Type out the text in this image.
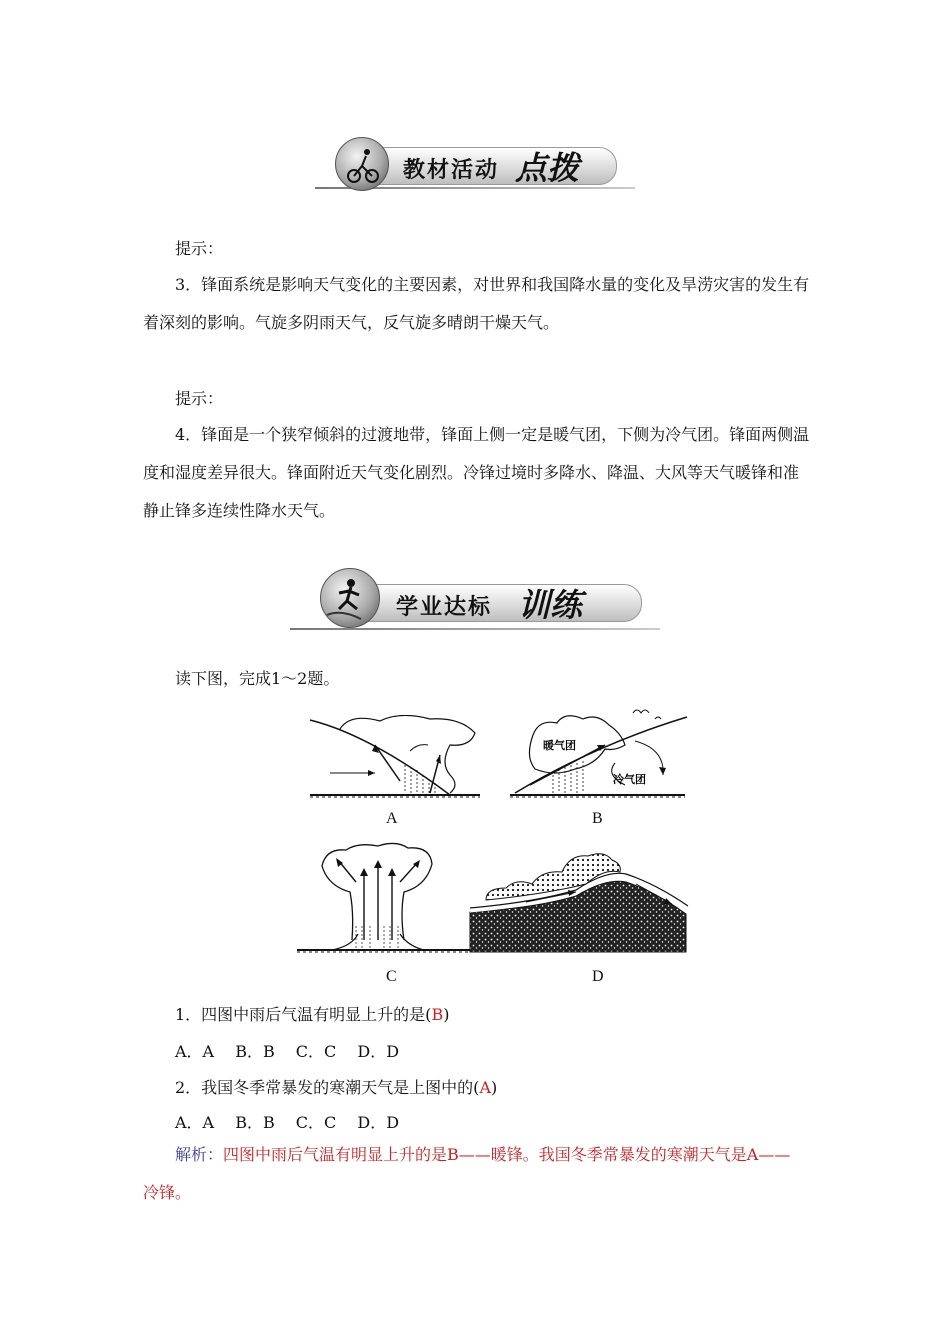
教材活动 点拨
提示：
3．锋面系统是影响天气变化的主要因素，对世界和我国降水量的变化及旱涝灾害的发生有着深刻的影响。气旋多阴雨天气，反气旋多晴朗干燥天气。
提示：
4．锋面是一个狭窄倾斜的过渡地带，锋面上侧一定是暖气团，下侧为冷气团。锋面两侧温度和湿度差异很大。锋面附近天气变化剧烈。冷锋过境时多降水、降温、大风等天气暖锋和准静止锋多连续性降水天气。
学业达标 训练
读下图，完成1～2题。
A
暖气团
冷气团
B
C	D
1．四图中雨后气温有明显上升的是(B)
A．A　 B．B　 C．C　 D．D
2．我国冬季常暴发的寒潮天气是上图中的(A)
A．A　 B．B　 C．C　 D．D
解析：四图中雨后气温有明显上升的是B——暖锋。我国冬季常暴发的寒潮天气是A——冷锋。
